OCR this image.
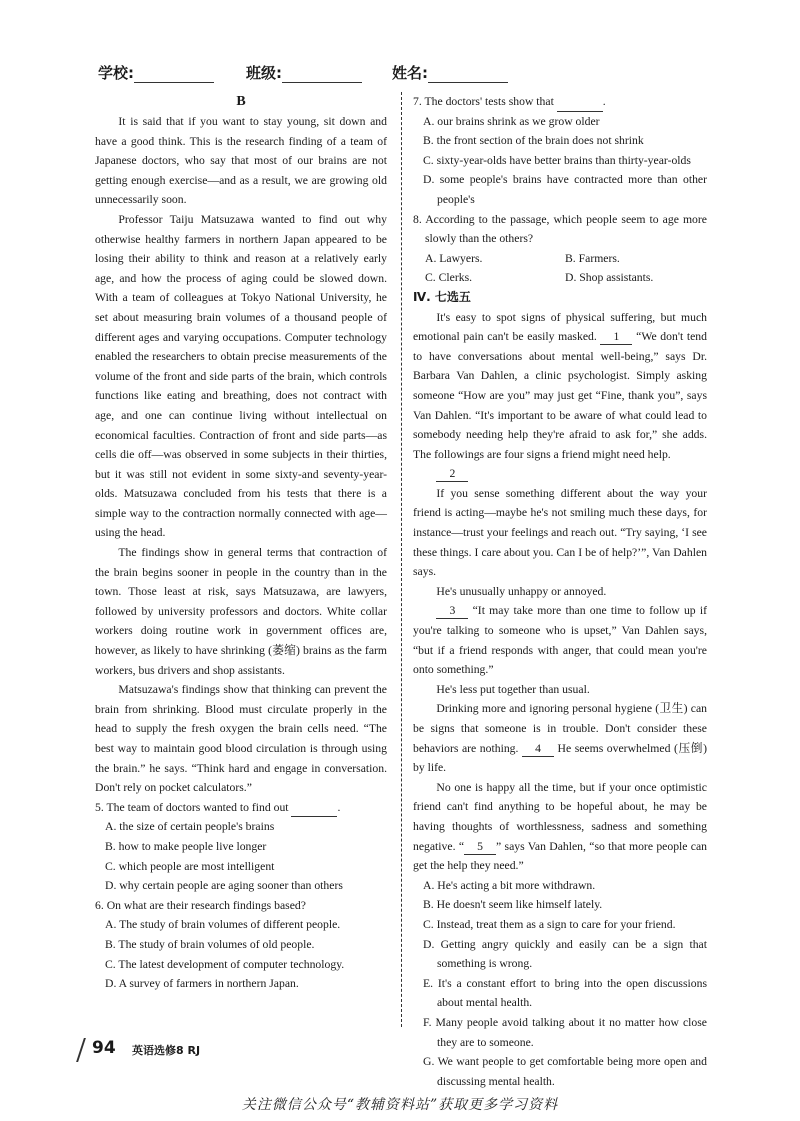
学校:	班级:	姓名:
B

It is said that if you want to stay young, sit down and have a good think. This is the research finding of a team of Japanese doctors, who say that most of our brains are not getting enough exercise—and as a result, we are growing old unnecessarily soon.

Professor Taiju Matsuzawa wanted to find out why otherwise healthy farmers in northern Japan appeared to be losing their ability to think and reason at a relatively early age, and how the process of aging could be slowed down. With a team of colleagues at Tokyo National University, he set about measuring brain volumes of a thousand people of different ages and varying occupations. Computer technology enabled the researchers to obtain precise measurements of the volume of the front and side parts of the brain, which controls functions like eating and breathing, does not contract with age, and one can continue living without intellectual on economical faculties. Contraction of front and side parts—as cells die off—was observed in some subjects in their thirties, but it was still not evident in some sixty-and seventy-year-olds. Matsuzawa concluded from his tests that there is a simple way to the contraction normally connected with age—using the head.

The findings show in general terms that contraction of the brain begins sooner in people in the country than in the town. Those least at risk, says Matsuzawa, are lawyers, followed by university professors and doctors. White collar workers doing routine work in government offices are, however, as likely to have shrinking (萎缩) brains as the farm workers, bus drivers and shop assistants.

Matsuzawa's findings show that thinking can prevent the brain from shrinking. Blood must circulate properly in the head to supply the fresh oxygen the brain cells need. “The best way to maintain good blood circulation is through using the brain.” he says. “Think hard and engage in conversation. Don't rely on pocket calculators.”

5. The team of doctors wanted to find out	.
A. the size of certain people's brains
B. how to make people live longer
C. which people are most intelligent
D. why certain people are aging sooner than others
6. On what are their research findings based?
A. The study of brain volumes of different people.
B. The study of brain volumes of old people.
C. The latest development of computer technology.
D. A survey of farmers in northern Japan.
7. The doctors' tests show that	.
A. our brains shrink as we grow older
B. the front section of the brain does not shrink
C. sixty-year-olds have better brains than thirty-year-olds
D. some people's brains have contracted more than other people's
8. According to the passage, which people seem to age more slowly than the others?
A. Lawyers.	B. Farmers.
C. Clerks.	D. Shop assistants.
Ⅳ. 七选五

It's easy to spot signs of physical suffering, but much emotional pain can't be easily masked. 1 “We don't tend to have conversations about mental well-being,” says Dr. Barbara Van Dahlen, a clinic psychologist. Simply asking someone “How are you” may just get “Fine, thank you”, says Van Dahlen. “It's important to be aware of what could lead to somebody needing help they're afraid to ask for,” she adds. The followings are four signs a friend might need help.

2

If you sense something different about the way your friend is acting—maybe he's not smiling much these days, for instance—trust your feelings and reach out. “Try saying, ‘I see these things. I care about you. Can I be of help?’”, Van Dahlen says.

He's unusually unhappy or annoyed.

3 “It may take more than one time to follow up if you're talking to someone who is upset,” Van Dahlen says, “but if a friend responds with anger, that could mean you're onto something.”

He's less put together than usual.

Drinking more and ignoring personal hygiene (卫生) can be signs that someone is in trouble. Don't consider these behaviors are nothing. 4 He seems overwhelmed (压倒) by life.

No one is happy all the time, but if your once optimistic friend can't find anything to be hopeful about, he may be having thoughts of worthlessness, sadness and something negative. “ 5 ” says Van Dahlen, “so that more people can get the help they need.”

A. He's acting a bit more withdrawn.
B. He doesn't seem like himself lately.
C. Instead, treat them as a sign to care for your friend.
D. Getting angry quickly and easily can be a sign that something is wrong.
E. It's a constant effort to bring into the open discussions about mental health.
F. Many people avoid talking about it no matter how close they are to someone.
G. We want people to get comfortable being more open and discussing mental health.
94 英语选修8 RJ
关注微信公众号“教辅资料站”获取更多学习资料
